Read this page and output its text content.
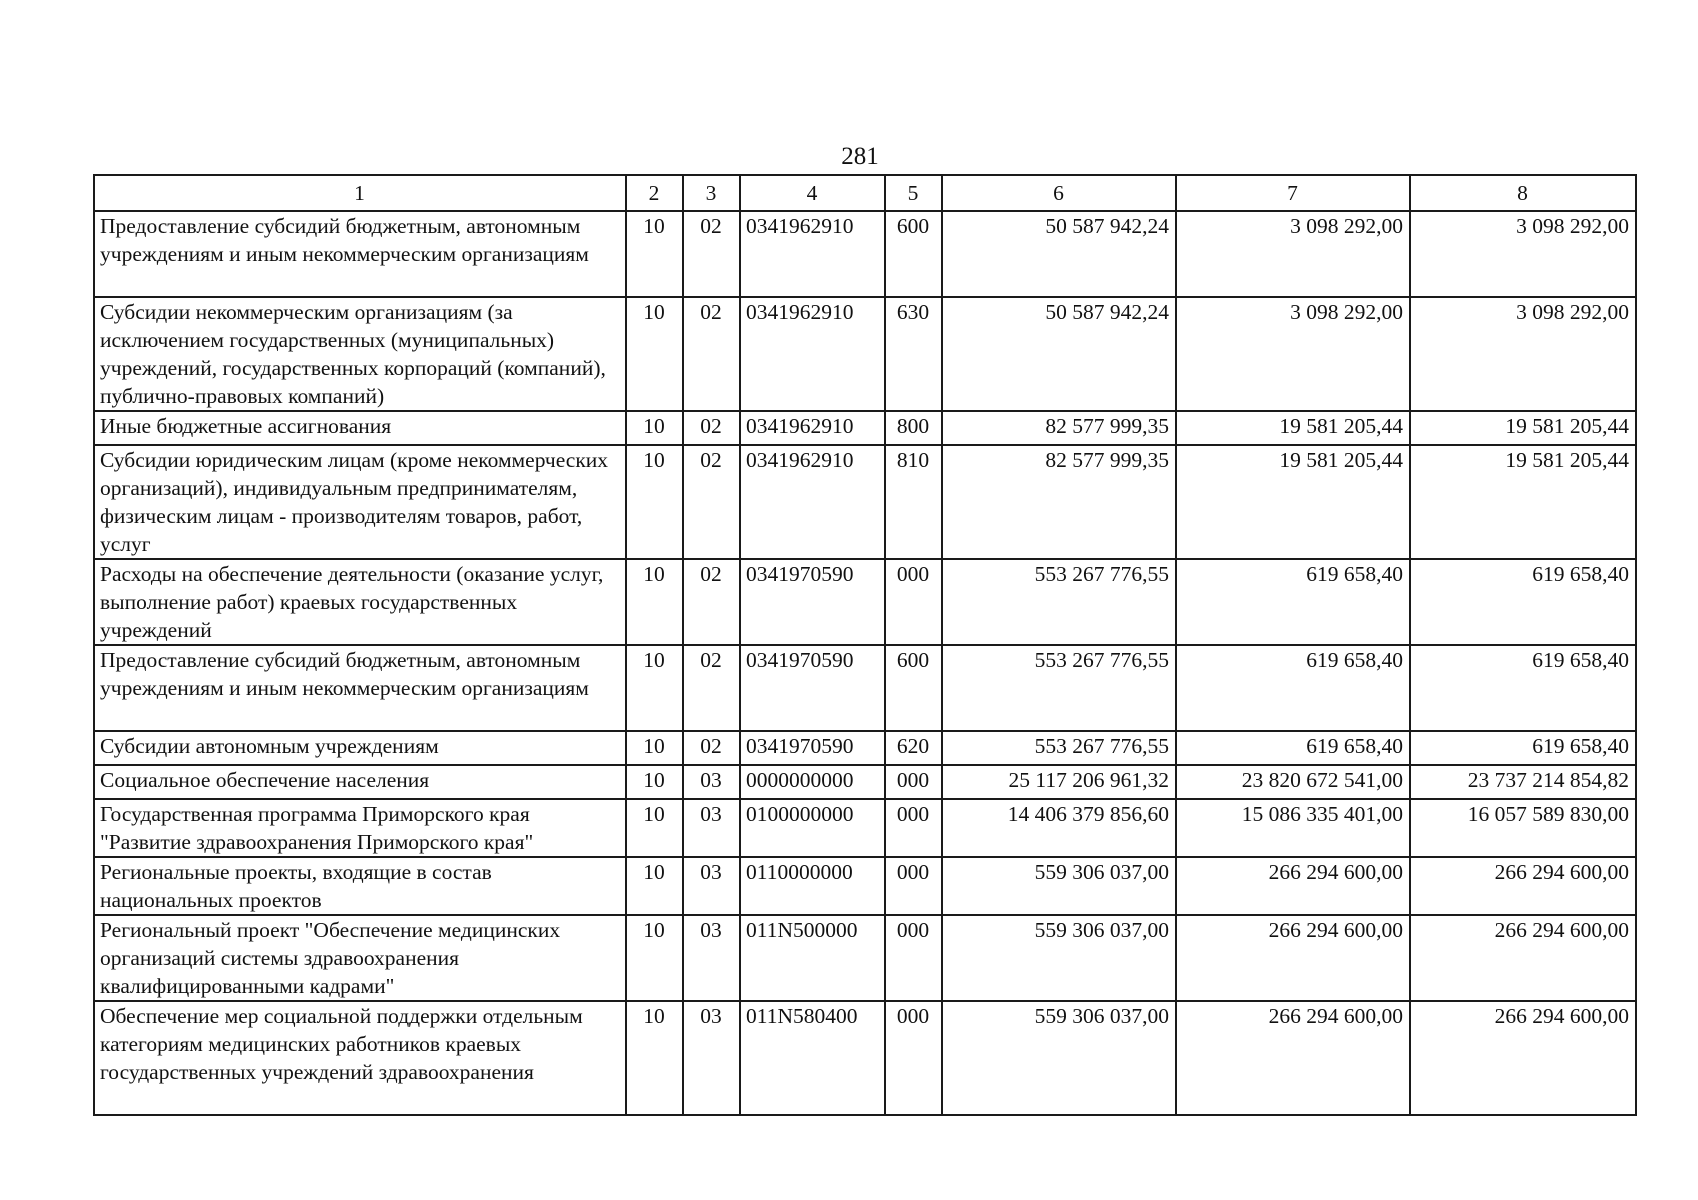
281
1	2	3	4	5	6	7	8
Предоставление субсидий бюджетным, автономным учреждениям и иным некоммерческим организациям	10	02	0341962910	600	50 587 942,24	3 098 292,00	3 098 292,00
Субсидии некоммерческим организациям (за исключением государственных (муниципальных) учреждений, государственных корпораций (компаний), публично-правовых компаний)	10	02	0341962910	630	50 587 942,24	3 098 292,00	3 098 292,00
Иные бюджетные ассигнования	10	02	0341962910	800	82 577 999,35	19 581 205,44	19 581 205,44
Субсидии юридическим лицам (кроме некоммерческих организаций), индивидуальным предпринимателям, физическим лицам - производителям товаров, работ, услуг	10	02	0341962910	810	82 577 999,35	19 581 205,44	19 581 205,44
Расходы на обеспечение деятельности (оказание услуг, выполнение работ) краевых государственных учреждений	10	02	0341970590	000	553 267 776,55	619 658,40	619 658,40
Предоставление субсидий бюджетным, автономным учреждениям и иным некоммерческим организациям	10	02	0341970590	600	553 267 776,55	619 658,40	619 658,40
Субсидии автономным учреждениям	10	02	0341970590	620	553 267 776,55	619 658,40	619 658,40
Социальное обеспечение населения	10	03	0000000000	000	25 117 206 961,32	23 820 672 541,00	23 737 214 854,82
Государственная программа Приморского края "Развитие здравоохранения Приморского края"	10	03	0100000000	000	14 406 379 856,60	15 086 335 401,00	16 057 589 830,00
Региональные проекты, входящие в состав национальных проектов	10	03	0110000000	000	559 306 037,00	266 294 600,00	266 294 600,00
Региональный проект "Обеспечение медицинских организаций системы здравоохранения квалифицированными кадрами"	10	03	011N500000	000	559 306 037,00	266 294 600,00	266 294 600,00
Обеспечение мер социальной поддержки отдельным категориям медицинских работников краевых государственных учреждений здравоохранения	10	03	011N580400	000	559 306 037,00	266 294 600,00	266 294 600,00
